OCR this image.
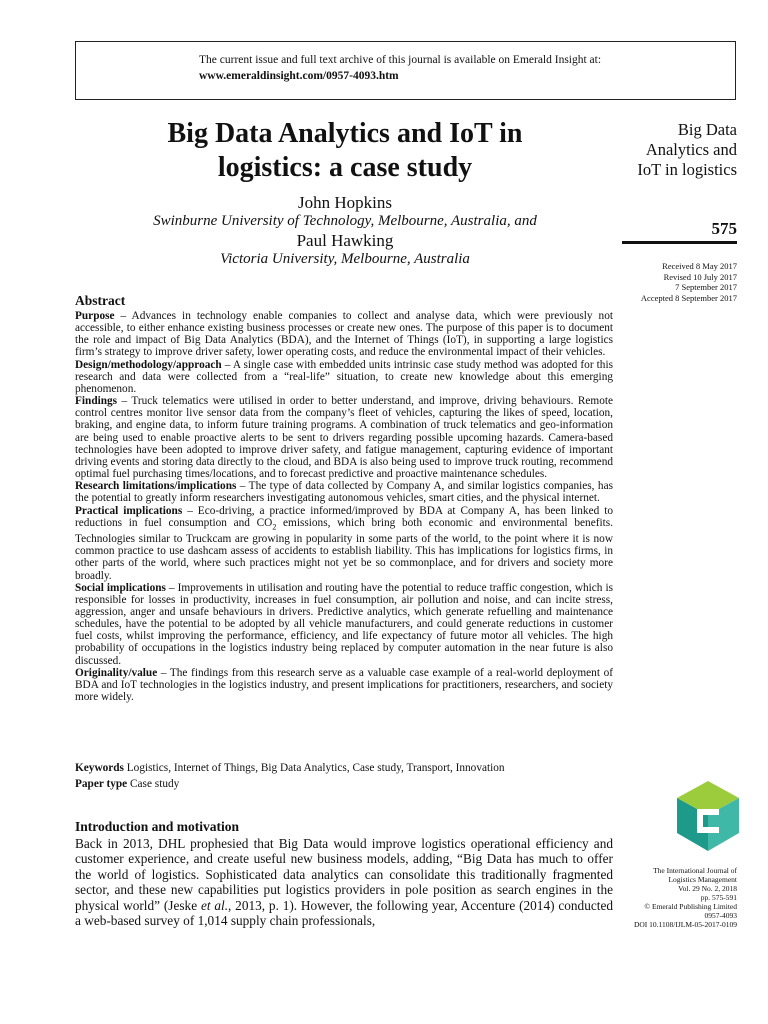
The current issue and full text archive of this journal is available on Emerald Insight at:
www.emeraldinsight.com/0957-4093.htm
Big Data Analytics and IoT in
logistics: a case study
John Hopkins
Swinburne University of Technology, Melbourne, Australia, and
Paul Hawking
Victoria University, Melbourne, Australia
Big Data
Analytics and
IoT in logistics
575
Received 8 May 2017
Revised 10 July 2017
7 September 2017
Accepted 8 September 2017
Abstract

Purpose – Advances in technology enable companies to collect and analyse data, which were previously not accessible, to either enhance existing business processes or create new ones. The purpose of this paper is to document the role and impact of Big Data Analytics (BDA), and the Internet of Things (IoT), in supporting a large logistics firm’s strategy to improve driver safety, lower operating costs, and reduce the environmental impact of their vehicles.

Design/methodology/approach – A single case with embedded units intrinsic case study method was adopted for this research and data were collected from a “real-life” situation, to create new knowledge about this emerging phenomenon.

Findings – Truck telematics were utilised in order to better understand, and improve, driving behaviours. Remote control centres monitor live sensor data from the company’s fleet of vehicles, capturing the likes of speed, location, braking, and engine data, to inform future training programs. A combination of truck telematics and geo-information are being used to enable proactive alerts to be sent to drivers regarding possible upcoming hazards. Camera-based technologies have been adopted to improve driver safety, and fatigue management, capturing evidence of important driving events and storing data directly to the cloud, and BDA is also being used to improve truck routing, recommend optimal fuel purchasing times/locations, and to forecast predictive and proactive maintenance schedules.

Research limitations/implications – The type of data collected by Company A, and similar logistics companies, has the potential to greatly inform researchers investigating autonomous vehicles, smart cities, and the physical internet.

Practical implications – Eco-driving, a practice informed/improved by BDA at Company A, has been linked to reductions in fuel consumption and $CO_2$ emissions, which bring both economic and environmental benefits. Technologies similar to Truckcam are growing in popularity in some parts of the world, to the point where it is now common practice to use dashcam assess of accidents to establish liability. This has implications for logistics firms, in other parts of the world, where such practices might not yet be so commonplace, and for drivers and society more broadly.

Social implications – Improvements in utilisation and routing have the potential to reduce traffic congestion, which is responsible for losses in productivity, increases in fuel consumption, air pollution and noise, and can incite stress, aggression, anger and unsafe behaviours in drivers. Predictive analytics, which generate refuelling and maintenance schedules, have the potential to be adopted by all vehicle manufacturers, and could generate reductions in customer fuel costs, whilst improving the performance, efficiency, and life expectancy of future motor all vehicles. The high probability of occupations in the logistics industry being replaced by computer automation in the near future is also discussed.

Originality/value – The findings from this research serve as a valuable case example of a real-world deployment of BDA and IoT technologies in the logistics industry, and present implications for practitioners, researchers, and society more widely.

Keywords Logistics, Internet of Things, Big Data Analytics, Case study, Transport, Innovation
Paper type Case study
The International Journal of
Logistics Management
Vol. 29 No. 2, 2018
pp. 575-591
© Emerald Publishing Limited
0957-4093
DOI 10.1108/IJLM-05-2017-0109
Introduction and motivation

Back in 2013, DHL prophesied that Big Data would improve logistics operational efficiency and customer experience, and create useful new business models, adding, “Big Data has much to offer the world of logistics. Sophisticated data analytics can consolidate this traditionally fragmented sector, and these new capabilities put logistics providers in pole position as search engines in the physical world” (Jeske et al., 2013, p. 1). However, the following year, Accenture (2014) conducted a web-based survey of 1,014 supply chain professionals,
